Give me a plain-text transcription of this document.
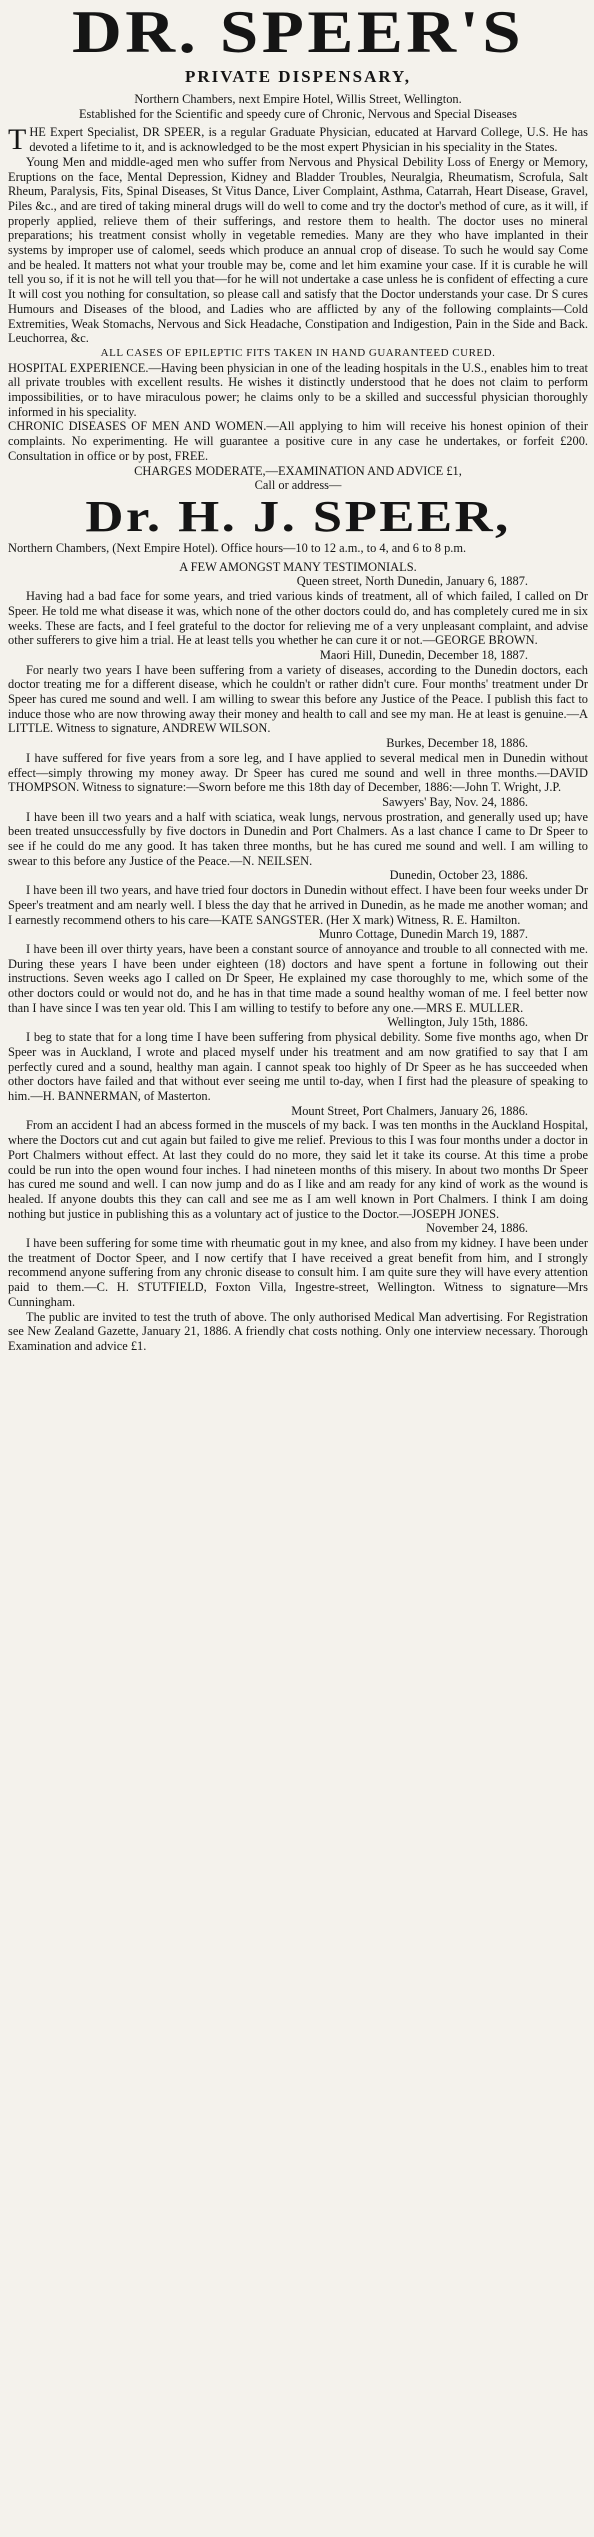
DR. SPEER'S
PRIVATE DISPENSARY,

Northern Chambers, next Empire Hotel, Willis Street, Wellington.

Established for the Scientific and speedy cure of Chronic, Nervous and Special Diseases

THE Expert Specialist, DR SPEER, is a regular Graduate Physician, educated at Harvard College, U.S. He has devoted a lifetime to it, and is acknowledged to be the most expert Physician in his speciality in the States.

Young Men and middle-aged men who suffer from Nervous and Physical Debility Loss of Energy or Memory, Eruptions on the face, Mental Depression, Kidney and Bladder Troubles, Neuralgia, Rheumatism, Scrofula, Salt Rheum, Paralysis, Fits, Spinal Diseases, St Vitus Dance, Liver Complaint, Asthma, Catarrah, Heart Disease, Gravel, Piles &c., and are tired of taking mineral drugs will do well to come and try the doctor's method of cure, as it will, if properly applied, relieve them of their sufferings, and restore them to health. The doctor uses no mineral preparations; his treatment consist wholly in vegetable remedies. Many are they who have implanted in their systems by improper use of calomel, seeds which produce an annual crop of disease. To such he would say Come and be healed. It matters not what your trouble may be, come and let him examine your case. If it is curable he will tell you so, if it is not he will tell you that—for he will not undertake a case unless he is confident of effecting a cure It will cost you nothing for consultation, so please call and satisfy that the Doctor understands your case. Dr S cures Humours and Diseases of the blood, and Ladies who are afflicted by any of the following complaints—Cold Extremities, Weak Stomachs, Nervous and Sick Headache, Constipation and Indigestion, Pain in the Side and Back. Leuchorrea, &c.

ALL CASES OF EPILEPTIC FITS TAKEN IN HAND GUARANTEED CURED.

HOSPITAL EXPERIENCE.—Having been physician in one of the leading hospitals in the U.S., enables him to treat all private troubles with excellent results. He wishes it distinctly understood that he does not claim to perform impossibilities, or to have miraculous power; he claims only to be a skilled and successful physician thoroughly informed in his speciality.

CHRONIC DISEASES OF MEN AND WOMEN.—All applying to him will receive his honest opinion of their complaints. No experimenting. He will guarantee a positive cure in any case he undertakes, or forfeit £200. Consultation in office or by post, FREE.

CHARGES MODERATE,—EXAMINATION AND ADVICE £1,

Call or address—

Dr. H. J. SPEER,

Northern Chambers, (Next Empire Hotel). Office hours—10 to 12 a.m., to 4, and 6 to 8 p.m.

A FEW AMONGST MANY TESTIMONIALS.

Queen street, North Dunedin, January 6, 1887.

Having had a bad face for some years, and tried various kinds of treatment, all of which failed, I called on Dr Speer. He told me what disease it was, which none of the other doctors could do, and has completely cured me in six weeks. These are facts, and I feel grateful to the doctor for relieving me of a very unpleasant complaint, and advise other sufferers to give him a trial. He at least tells you whether he can cure it or not.—GEORGE BROWN.

Maori Hill, Dunedin, December 18, 1887.

For nearly two years I have been suffering from a variety of diseases, according to the Dunedin doctors, each doctor treating me for a different disease, which he couldn't or rather didn't cure. Four months' treatment under Dr Speer has cured me sound and well. I am willing to swear this before any Justice of the Peace. I publish this fact to induce those who are now throwing away their money and health to call and see my man. He at least is genuine.—A LITTLE. Witness to signature, ANDREW WILSON.

Burkes, December 18, 1886.

I have suffered for five years from a sore leg, and I have applied to several medical men in Dunedin without effect—simply throwing my money away. Dr Speer has cured me sound and well in three months.—DAVID THOMPSON. Witness to signature:—Sworn before me this 18th day of December, 1886:—John T. Wright, J.P.

Sawyers' Bay, Nov. 24, 1886.

I have been ill two years and a half with sciatica, weak lungs, nervous prostration, and generally used up; have been treated unsuccessfully by five doctors in Dunedin and Port Chalmers. As a last chance I came to Dr Speer to see if he could do me any good. It has taken three months, but he has cured me sound and well. I am willing to swear to this before any Justice of the Peace.—N. NEILSEN.

Dunedin, October 23, 1886.

I have been ill two years, and have tried four doctors in Dunedin without effect. I have been four weeks under Dr Speer's treatment and am nearly well. I bless the day that he arrived in Dunedin, as he made me another woman; and I earnestly recommend others to his care—KATE SANGSTER. (Her X mark) Witness, R. E. Hamilton.

Munro Cottage, Dunedin March 19, 1887.

I have been ill over thirty years, have been a constant source of annoyance and trouble to all connected with me. During these years I have been under eighteen (18) doctors and have spent a fortune in following out their instructions. Seven weeks ago I called on Dr Speer, He explained my case thoroughly to me, which some of the other doctors could or would not do, and he has in that time made a sound healthy woman of me. I feel better now than I have since I was ten year old. This I am willing to testify to before any one.—MRS E. MULLER.

Wellington, July 15th, 1886.

I beg to state that for a long time I have been suffering from physical debility. Some five months ago, when Dr Speer was in Auckland, I wrote and placed myself under his treatment and am now gratified to say that I am perfectly cured and a sound, healthy man again. I cannot speak too highly of Dr Speer as he has succeeded when other doctors have failed and that without ever seeing me until to-day, when I first had the pleasure of speaking to him.—H. BANNERMAN, of Masterton.

Mount Street, Port Chalmers, January 26, 1886.

From an accident I had an abcess formed in the muscels of my back. I was ten months in the Auckland Hospital, where the Doctors cut and cut again but failed to give me relief. Previous to this I was four months under a doctor in Port Chalmers without effect. At last they could do no more, they said let it take its course. At this time a probe could be run into the open wound four inches. I had nineteen months of this misery. In about two months Dr Speer has cured me sound and well. I can now jump and do as I like and am ready for any kind of work as the wound is healed. If anyone doubts this they can call and see me as I am well known in Port Chalmers. I think I am doing nothing but justice in publishing this as a voluntary act of justice to the Doctor.—JOSEPH JONES.

November 24, 1886.

I have been suffering for some time with rheumatic gout in my knee, and also from my kidney. I have been under the treatment of Doctor Speer, and I now certify that I have received a great benefit from him, and I strongly recommend anyone suffering from any chronic disease to consult him. I am quite sure they will have every attention paid to them.—C. H. STUTFIELD, Foxton Villa, Ingestre-street, Wellington. Witness to signature—Mrs Cunningham.

The public are invited to test the truth of above. The only authorised Medical Man advertising. For Registration see New Zealand Gazette, January 21, 1886. A friendly chat costs nothing. Only one interview necessary. Thorough Examination and advice £1.
